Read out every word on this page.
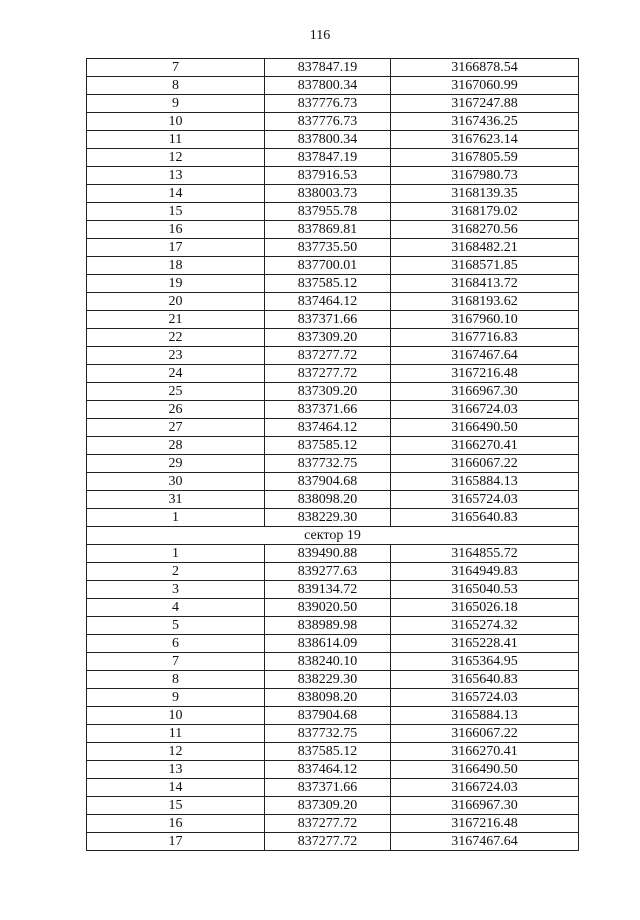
116
7	837847.19	3166878.54
8	837800.34	3167060.99
9	837776.73	3167247.88
10	837776.73	3167436.25
11	837800.34	3167623.14
12	837847.19	3167805.59
13	837916.53	3167980.73
14	838003.73	3168139.35
15	837955.78	3168179.02
16	837869.81	3168270.56
17	837735.50	3168482.21
18	837700.01	3168571.85
19	837585.12	3168413.72
20	837464.12	3168193.62
21	837371.66	3167960.10
22	837309.20	3167716.83
23	837277.72	3167467.64
24	837277.72	3167216.48
25	837309.20	3166967.30
26	837371.66	3166724.03
27	837464.12	3166490.50
28	837585.12	3166270.41
29	837732.75	3166067.22
30	837904.68	3165884.13
31	838098.20	3165724.03
1	838229.30	3165640.83
сектор 19		
1	839490.88	3164855.72
2	839277.63	3164949.83
3	839134.72	3165040.53
4	839020.50	3165026.18
5	838989.98	3165274.32
6	838614.09	3165228.41
7	838240.10	3165364.95
8	838229.30	3165640.83
9	838098.20	3165724.03
10	837904.68	3165884.13
11	837732.75	3166067.22
12	837585.12	3166270.41
13	837464.12	3166490.50
14	837371.66	3166724.03
15	837309.20	3166967.30
16	837277.72	3167216.48
17	837277.72	3167467.64
